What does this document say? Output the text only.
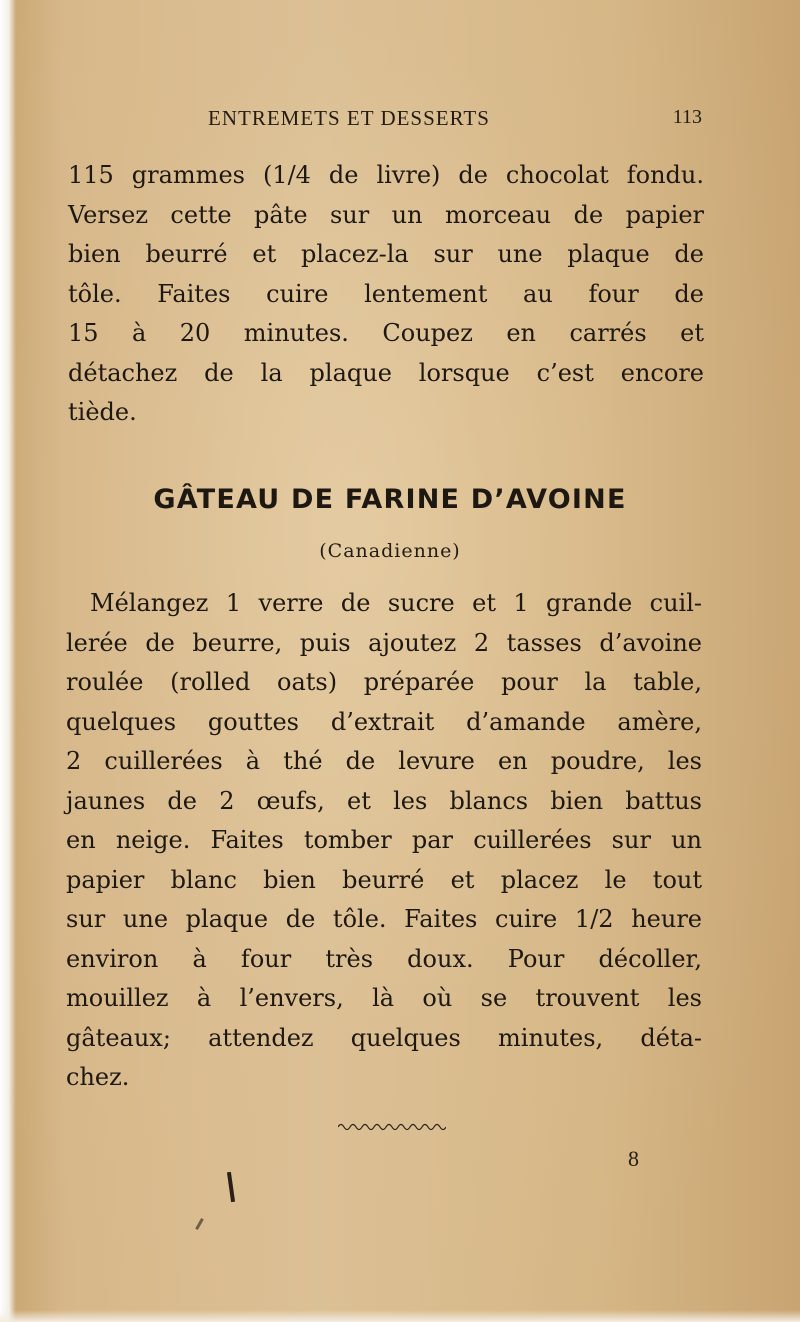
ENTREMETS ET DESSERTS	113
115 grammes (1/4 de livre) de chocolat fondu.
Versez cette pâte sur un morceau de papier
bien beurré et placez-la sur une plaque de
tôle. Faites cuire lentement au four de
15 à 20 minutes. Coupez en carrés et
détachez de la plaque lorsque c’est encore
tiède.
GÂTEAU DE FARINE D’AVOINE
(Canadienne)
Mélangez 1 verre de sucre et 1 grande cuil-
lerée de beurre, puis ajoutez 2 tasses d’avoine
roulée (rolled oats) préparée pour la table,
quelques gouttes d’extrait d’amande amère,
2 cuillerées à thé de levure en poudre, les
jaunes de 2 œufs, et les blancs bien battus
en neige. Faites tomber par cuillerées sur un
papier blanc bien beurré et placez le tout
sur une plaque de tôle. Faites cuire 1/2 heure
environ à four très doux. Pour décoller,
mouillez à l’envers, là où se trouvent les
gâteaux; attendez quelques minutes, déta-
chez.
8
